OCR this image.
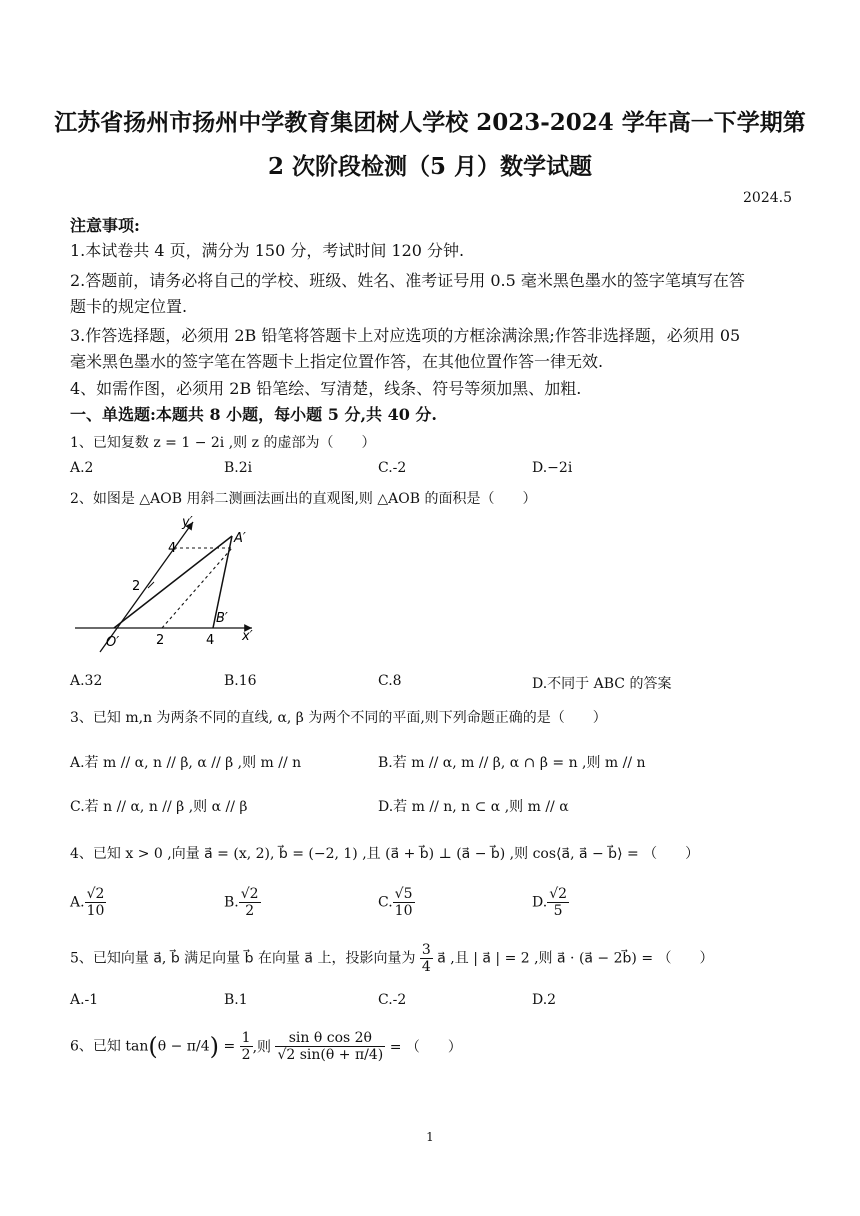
江苏省扬州市扬州中学教育集团树人学校 2023-2024 学年高一下学期第
2 次阶段检测（5 月）数学试题
2024.5
注意事项:
1.本试卷共 4 页，满分为 150 分，考试时间 120 分钟.
2.答题前，请务必将自己的学校、班级、姓名、准考证号用 0.5 毫米黑色墨水的签字笔填写在答
题卡的规定位置.
3.作答选择题，必须用 2B 铅笔将答题卡上对应选项的方框涂满涂黑;作答非选择题，必须用 05
毫米黑色墨水的签字笔在答题卡上指定位置作答，在其他位置作答一律无效.
4、如需作图，必须用 2B 铅笔绘、写清楚，线条、符号等须加黑、加粗.
一、单选题:本题共 8 小题，每小题 5 分,共 40 分.
1、已知复数 z = 1 − 2i ,则 z 的虚部为（　　）
A.2	B.2i	C.-2	D.−2i
2、如图是 △AOB 用斜二测画法画出的直观图,则 △AOB 的面积是（　　）
y′
x′
O′
A′
B′
4
2
2	4
A.32	B.16	C.8	D.不同于 ABC 的答案
3、已知 m,n 为两条不同的直线, α, β 为两个不同的平面,则下列命题正确的是（　　）
A.若 m // α, n // β, α // β ,则 m // n	B.若 m // α, m // β, α ∩ β = n ,则 m // n
C.若 n // α, n // β ,则 α // β	D.若 m // n, n ⊂ α ,则 m // α
4、已知 x > 0 ,向量 a⃗ = (x, 2), b⃗ = (−2, 1) ,且 (a⃗ + b⃗) ⊥ (a⃗ − b⃗) ,则 cos⟨a⃗, a⃗ − b⃗⟩ = （　　）
A. $\frac{√2}{10}$	B. $\frac{√2}{2}$	C. $\frac{√5}{10}$	D. $\frac{√2}{5}$
5、已知向量 a⃗, b⃗ 满足向量 b⃗ 在向量 a⃗ 上，投影向量为 $\frac{3}{4}$ a⃗ ,且 | a⃗ | = 2 ,则 a⃗ · (a⃗ − 2b⃗) = （　　）
A.-1	B.1	C.-2	D.2
6、已知 $\tan(\theta - \pi/4) = \frac{1}{2}$ ,则 $\frac{\text{sin θ cos 2θ}}{√2 \sin(\theta + \pi/4)}$ = （　　）
1
